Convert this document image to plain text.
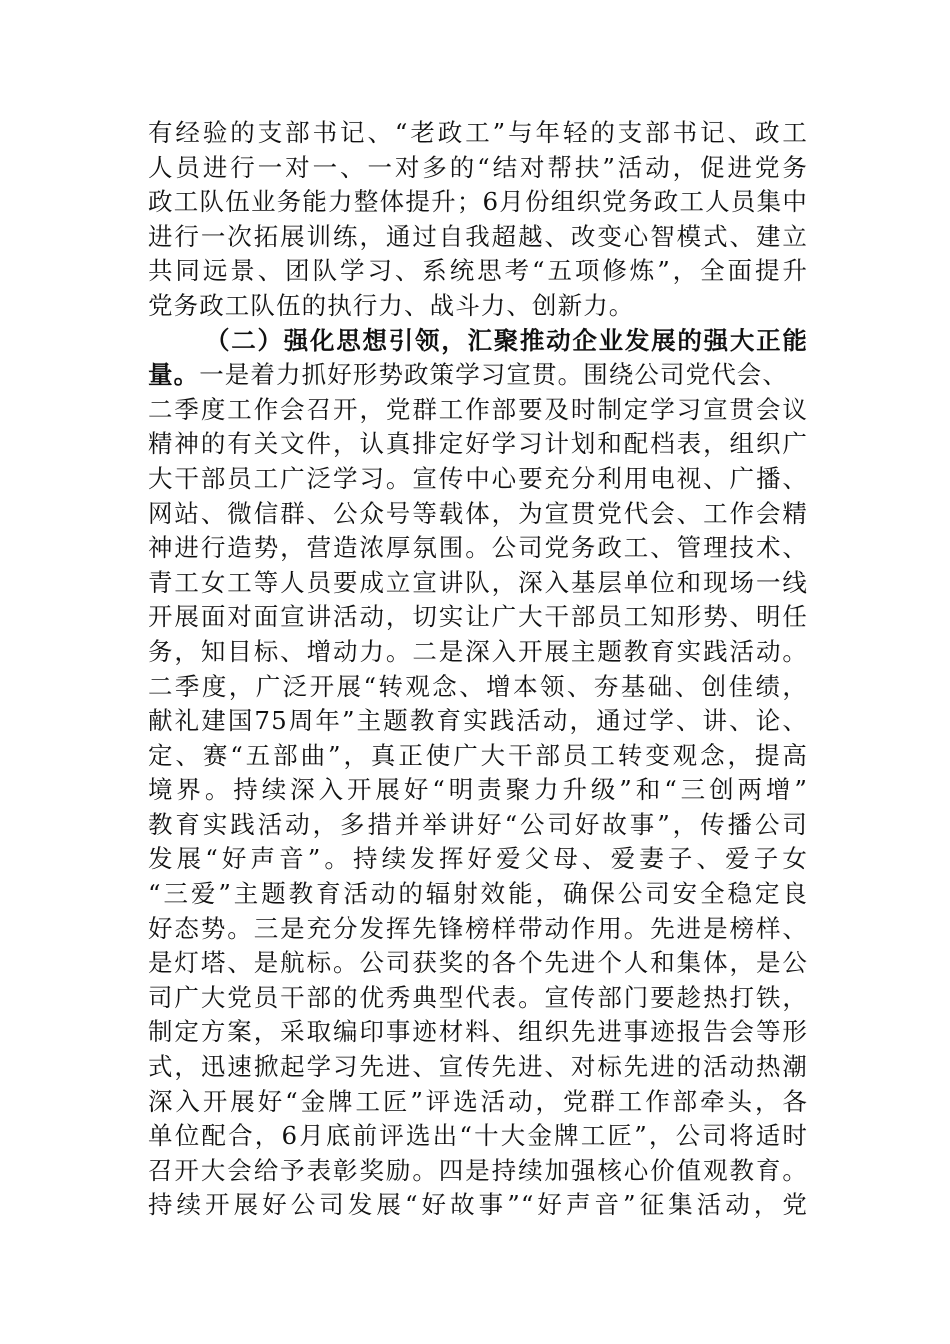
有经验的支部书记、“老政工”与年轻的支部书记、政工
人员进行一对一、一对多的“结对帮扶”活动，促进党务
政工队伍业务能力整体提升；6月份组织党务政工人员集中
进行一次拓展训练，通过自我超越、改变心智模式、建立
共同远景、团队学习、系统思考“五项修炼”，全面提升
党务政工队伍的执行力、战斗力、创新力。
（二）强化思想引领，汇聚推动企业发展的强大正能
量。一是着力抓好形势政策学习宣贯。围绕公司党代会、
二季度工作会召开，党群工作部要及时制定学习宣贯会议
精神的有关文件，认真排定好学习计划和配档表，组织广
大干部员工广泛学习。宣传中心要充分利用电视、广播、
网站、微信群、公众号等载体，为宣贯党代会、工作会精
神进行造势，营造浓厚氛围。公司党务政工、管理技术、
青工女工等人员要成立宣讲队，深入基层单位和现场一线
开展面对面宣讲活动，切实让广大干部员工知形势、明任
务，知目标、增动力。二是深入开展主题教育实践活动。
二季度，广泛开展“转观念、增本领、夯基础、创佳绩，
献礼建国75周年”主题教育实践活动，通过学、讲、论、
定、赛“五部曲”，真正使广大干部员工转变观念，提高
境界。持续深入开展好“明责聚力升级”和“三创两增”
教育实践活动，多措并举讲好“公司好故事”，传播公司
发展“好声音”。持续发挥好爱父母、爱妻子、爱子女
“三爱”主题教育活动的辐射效能，确保公司安全稳定良
好态势。三是充分发挥先锋榜样带动作用。先进是榜样、
是灯塔、是航标。公司获奖的各个先进个人和集体，是公
司广大党员干部的优秀典型代表。宣传部门要趁热打铁，
制定方案，采取编印事迹材料、组织先进事迹报告会等形
式，迅速掀起学习先进、宣传先进、对标先进的活动热潮
深入开展好“金牌工匠”评选活动，党群工作部牵头，各
单位配合，6月底前评选出“十大金牌工匠”，公司将适时
召开大会给予表彰奖励。四是持续加强核心价值观教育。
持续开展好公司发展“好故事”“好声音”征集活动，党
